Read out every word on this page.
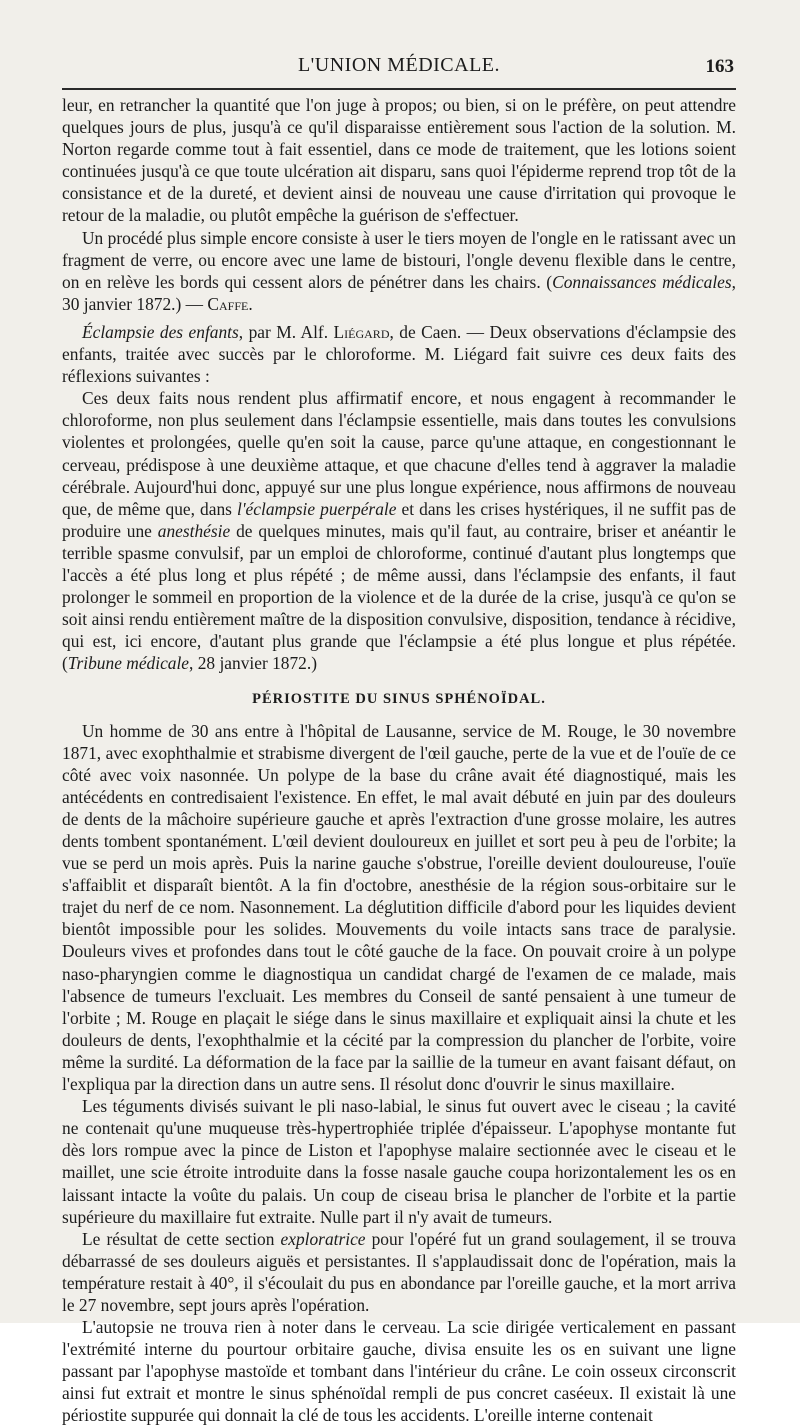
L'UNION MÉDICALE.	163

leur, en retrancher la quantité que l'on juge à propos; ou bien, si on le préfère, on peut attendre quelques jours de plus, jusqu'à ce qu'il disparaisse entièrement sous l'action de la solution. M. Norton regarde comme tout à fait essentiel, dans ce mode de traitement, que les lotions soient continuées jusqu'à ce que toute ulcération ait disparu, sans quoi l'épiderme reprend trop tôt de la consistance et de la dureté, et devient ainsi de nouveau une cause d'irritation qui provoque le retour de la maladie, ou plutôt empêche la guérison de s'effectuer.

Un procédé plus simple encore consiste à user le tiers moyen de l'ongle en le ratissant avec un fragment de verre, ou encore avec une lame de bistouri, l'ongle devenu flexible dans le centre, on en relève les bords qui cessent alors de pénétrer dans les chairs. (Connaissances médicales, 30 janvier 1872.) — Caffe.

Éclampsie des enfants, par M. Alf. Liégard, de Caen. — Deux observations d'éclampsie des enfants, traitée avec succès par le chloroforme. M. Liégard fait suivre ces deux faits des réflexions suivantes :

Ces deux faits nous rendent plus affirmatif encore, et nous engagent à recommander le chloroforme, non plus seulement dans l'éclampsie essentielle, mais dans toutes les convulsions violentes et prolongées, quelle qu'en soit la cause, parce qu'une attaque, en congestionnant le cerveau, prédispose à une deuxième attaque, et que chacune d'elles tend à aggraver la maladie cérébrale. Aujourd'hui donc, appuyé sur une plus longue expérience, nous affirmons de nouveau que, de même que, dans l'éclampsie puerpérale et dans les crises hystériques, il ne suffit pas de produire une anesthésie de quelques minutes, mais qu'il faut, au contraire, briser et anéantir le terrible spasme convulsif, par un emploi de chloroforme, continué d'autant plus longtemps que l'accès a été plus long et plus répété ; de même aussi, dans l'éclampsie des enfants, il faut prolonger le sommeil en proportion de la violence et de la durée de la crise, jusqu'à ce qu'on se soit ainsi rendu entièrement maître de la disposition convulsive, disposition, tendance à récidive, qui est, ici encore, d'autant plus grande que l'éclampsie a été plus longue et plus répétée. (Tribune médicale, 28 janvier 1872.)

PÉRIOSTITE DU SINUS SPHÉNOÏDAL.

Un homme de 30 ans entre à l'hôpital de Lausanne, service de M. Rouge, le 30 novembre 1871, avec exophthalmie et strabisme divergent de l'œil gauche, perte de la vue et de l'ouïe de ce côté avec voix nasonnée. Un polype de la base du crâne avait été diagnostiqué, mais les antécédents en contredisaient l'existence. En effet, le mal avait débuté en juin par des douleurs de dents de la mâchoire supérieure gauche et après l'extraction d'une grosse molaire, les autres dents tombent spontanément. L'œil devient douloureux en juillet et sort peu à peu de l'orbite; la vue se perd un mois après. Puis la narine gauche s'obstrue, l'oreille devient douloureuse, l'ouïe s'affaiblit et disparaît bientôt. A la fin d'octobre, anesthésie de la région sous-orbitaire sur le trajet du nerf de ce nom. Nasonnement. La déglutition difficile d'abord pour les liquides devient bientôt impossible pour les solides. Mouvements du voile intacts sans trace de paralysie. Douleurs vives et profondes dans tout le côté gauche de la face. On pouvait croire à un polype naso-pharyngien comme le diagnostiqua un candidat chargé de l'examen de ce malade, mais l'absence de tumeurs l'excluait. Les membres du Conseil de santé pensaient à une tumeur de l'orbite ; M. Rouge en plaçait le siége dans le sinus maxillaire et expliquait ainsi la chute et les douleurs de dents, l'exophthalmie et la cécité par la compression du plancher de l'orbite, voire même la surdité. La déformation de la face par la saillie de la tumeur en avant faisant défaut, on l'expliqua par la direction dans un autre sens. Il résolut donc d'ouvrir le sinus maxillaire.

Les téguments divisés suivant le pli naso-labial, le sinus fut ouvert avec le ciseau ; la cavité ne contenait qu'une muqueuse très-hypertrophiée triplée d'épaisseur. L'apophyse montante fut dès lors rompue avec la pince de Liston et l'apophyse malaire sectionnée avec le ciseau et le maillet, une scie étroite introduite dans la fosse nasale gauche coupa horizontalement les os en laissant intacte la voûte du palais. Un coup de ciseau brisa le plancher de l'orbite et la partie supérieure du maxillaire fut extraite. Nulle part il n'y avait de tumeurs.

Le résultat de cette section exploratrice pour l'opéré fut un grand soulagement, il se trouva débarrassé de ses douleurs aiguës et persistantes. Il s'applaudissait donc de l'opération, mais la température restait à 40°, il s'écoulait du pus en abondance par l'oreille gauche, et la mort arriva le 27 novembre, sept jours après l'opération.

L'autopsie ne trouva rien à noter dans le cerveau. La scie dirigée verticalement en passant l'extrémité interne du pourtour orbitaire gauche, divisa ensuite les os en suivant une ligne passant par l'apophyse mastoïde et tombant dans l'intérieur du crâne. Le coin osseux circonscrit ainsi fut extrait et montre le sinus sphénoïdal rempli de pus concret caséeux. Il existait là une périostite suppurée qui donnait la clé de tous les accidents. L'oreille interne contenait
